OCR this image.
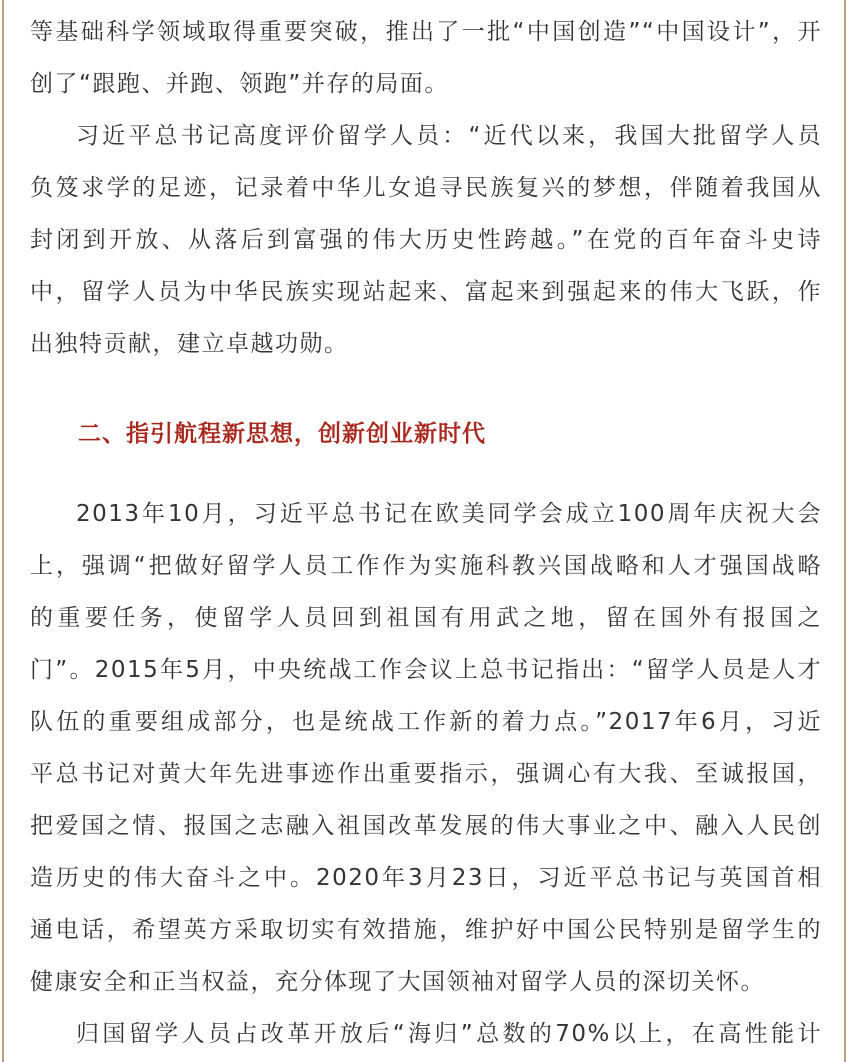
等基础科学领域取得重要突破，推出了一批“中国创造”“中国设计”，开
创了“跟跑、并跑、领跑”并存的局面。

习近平总书记高度评价留学人员：“近代以来，我国大批留学人员
负笈求学的足迹，记录着中华儿女追寻民族复兴的梦想，伴随着我国从
封闭到开放、从落后到富强的伟大历史性跨越。”在党的百年奋斗史诗
中，留学人员为中华民族实现站起来、富起来到强起来的伟大飞跃，作
出独特贡献，建立卓越功勋。

二、指引航程新思想，创新创业新时代

2013年10月，习近平总书记在欧美同学会成立100周年庆祝大会
上，强调“把做好留学人员工作作为实施科教兴国战略和人才强国战略
的重要任务，使留学人员回到祖国有用武之地，留在国外有报国之
门”。2015年5月，中央统战工作会议上总书记指出：“留学人员是人才
队伍的重要组成部分，也是统战工作新的着力点。”2017年6月，习近
平总书记对黄大年先进事迹作出重要指示，强调心有大我、至诚报国，
把爱国之情、报国之志融入祖国改革发展的伟大事业之中、融入人民创
造历史的伟大奋斗之中。2020年3月23日，习近平总书记与英国首相
通电话，希望英方采取切实有效措施，维护好中国公民特别是留学生的
健康安全和正当权益，充分体现了大国领袖对留学人员的深切关怀。

归国留学人员占改革开放后“海归”总数的70%以上，在高性能计
